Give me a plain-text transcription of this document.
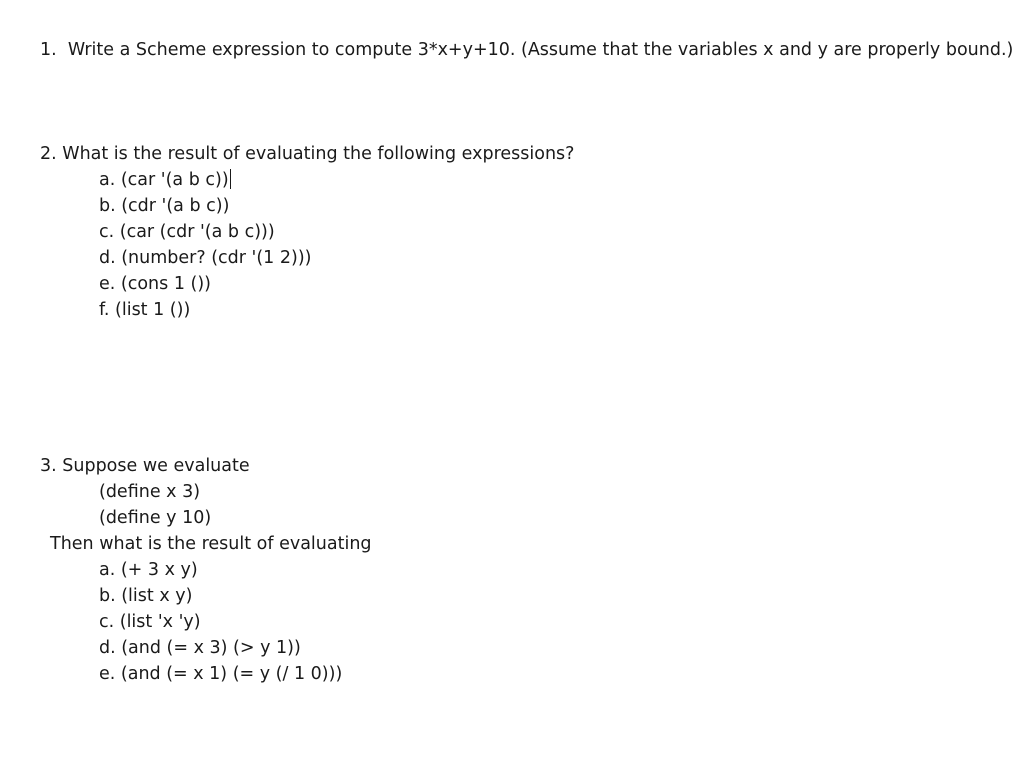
1.  Write a Scheme expression to compute 3*x+y+10. (Assume that the variables x and y are properly bound.)
2. What is the result of evaluating the following expressions?
a. (car '(a b c))
b. (cdr '(a b c))
c. (car (cdr '(a b c)))
d. (number? (cdr '(1 2)))
e. (cons 1 ())
f. (list 1 ())
3. Suppose we evaluate
(define x 3)
(define y 10)
Then what is the result of evaluating
a. (+ 3 x y)
b. (list x y)
c. (list 'x 'y)
d. (and (= x 3) (> y 1))
e. (and (= x 1) (= y (/ 1 0)))
